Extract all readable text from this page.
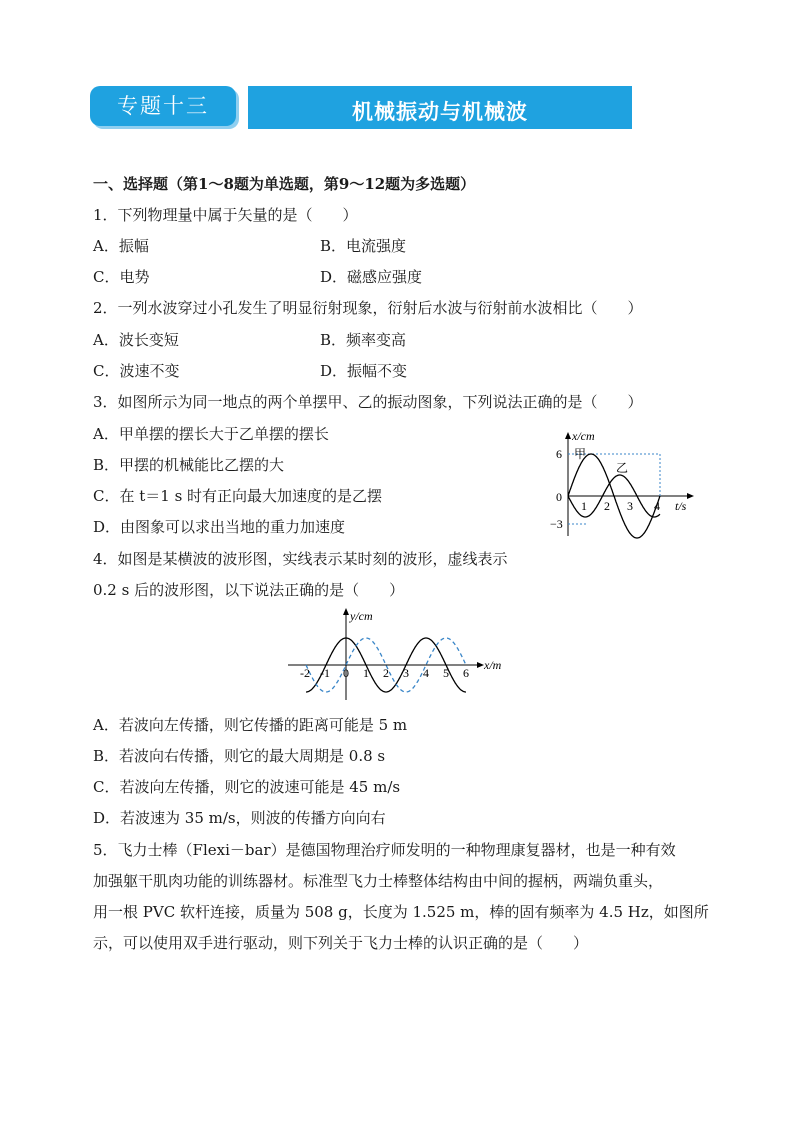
专题十三	机械振动与机械波
一、选择题（第1～8题为单选题，第9～12题为多选题）
1．下列物理量中属于矢量的是（　　）
A．振幅	B．电流强度
C．电势	D．磁感应强度
2．一列水波穿过小孔发生了明显衍射现象，衍射后水波与衍射前水波相比（　　）
A．波长变短	B．频率变高
C．波速不变	D．振幅不变
3．如图所示为同一地点的两个单摆甲、乙的振动图象，下列说法正确的是（　　）
A．甲单摆的摆长大于乙单摆的摆长
B．甲摆的机械能比乙摆的大
C．在 t＝1 s 时有正向最大加速度的是乙摆
D．由图象可以求出当地的重力加速度
x/cm
t/s
0
6
−3
1 2 3 4
甲
乙
4．如图是某横波的波形图，实线表示某时刻的波形，虚线表示
0.2 s 后的波形图，以下说法正确的是（　　）
y/cm
x/m
-2 -1 0 1 2 3 4 5 6
A．若波向左传播，则它传播的距离可能是 5 m
B．若波向右传播，则它的最大周期是 0.8 s
C．若波向左传播，则它的波速可能是 45 m/s
D．若波速为 35 m/s，则波的传播方向向右
5．飞力士棒（Flexi－bar）是德国物理治疗师发明的一种物理康复器材，也是一种有效
加强躯干肌肉功能的训练器材。标准型飞力士棒整体结构由中间的握柄，两端负重头，
用一根 PVC 软杆连接，质量为 508 g，长度为 1.525 m，棒的固有频率为 4.5 Hz，如图所
示，可以使用双手进行驱动，则下列关于飞力士棒的认识正确的是（　　）
